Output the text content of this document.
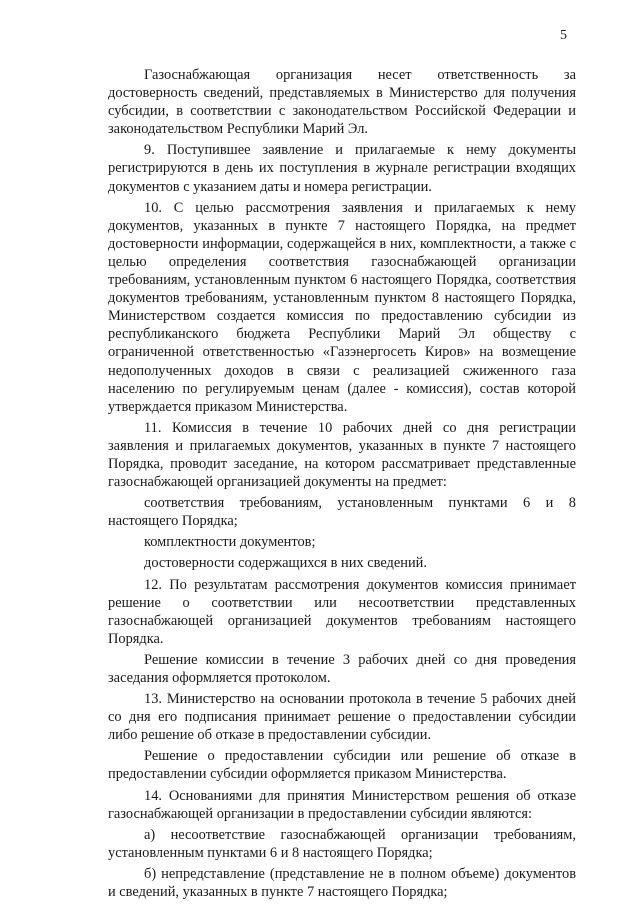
5

Газоснабжающая организация несет ответственность за достоверность сведений, представляемых в Министерство для получения субсидии, в соответствии с законодательством Российской Федерации и законодательством Республики Марий Эл.

9. Поступившее заявление и прилагаемые к нему документы регистрируются в день их поступления в журнале регистрации входящих документов с указанием даты и номера регистрации.

10. С целью рассмотрения заявления и прилагаемых к нему документов, указанных в пункте 7 настоящего Порядка, на предмет достоверности информации, содержащейся в них, комплектности, а также с целью определения соответствия газоснабжающей организации требованиям, установленным пунктом 6 настоящего Порядка, соответствия документов требованиям, установленным пунктом 8 настоящего Порядка, Министерством создается комиссия по предоставлению субсидии из республиканского бюджета Республики Марий Эл обществу с ограниченной ответственностью «Газэнергосеть Киров» на возмещение недополученных доходов в связи с реализацией сжиженного газа населению по регулируемым ценам (далее - комиссия), состав которой утверждается приказом Министерства.

11. Комиссия в течение 10 рабочих дней со дня регистрации заявления и прилагаемых документов, указанных в пункте 7 настоящего Порядка, проводит заседание, на котором рассматривает представленные газоснабжающей организацией документы на предмет:

соответствия требованиям, установленным пунктами 6 и 8 настоящего Порядка;

комплектности документов;

достоверности содержащихся в них сведений.

12. По результатам рассмотрения документов комиссия принимает решение о соответствии или несоответствии представленных газоснабжающей организацией документов требованиям настоящего Порядка.

Решение комиссии в течение 3 рабочих дней со дня проведения заседания оформляется протоколом.

13. Министерство на основании протокола в течение 5 рабочих дней со дня его подписания принимает решение о предоставлении субсидии либо решение об отказе в предоставлении субсидии.

Решение о предоставлении субсидии или решение об отказе в предоставлении субсидии оформляется приказом Министерства.

14. Основаниями для принятия Министерством решения об отказе газоснабжающей организации в предоставлении субсидии являются:

а) несоответствие газоснабжающей организации требованиям, установленным пунктами 6 и 8 настоящего Порядка;

б) непредставление (представление не в полном объеме) документов и сведений, указанных в пункте 7 настоящего Порядка;
